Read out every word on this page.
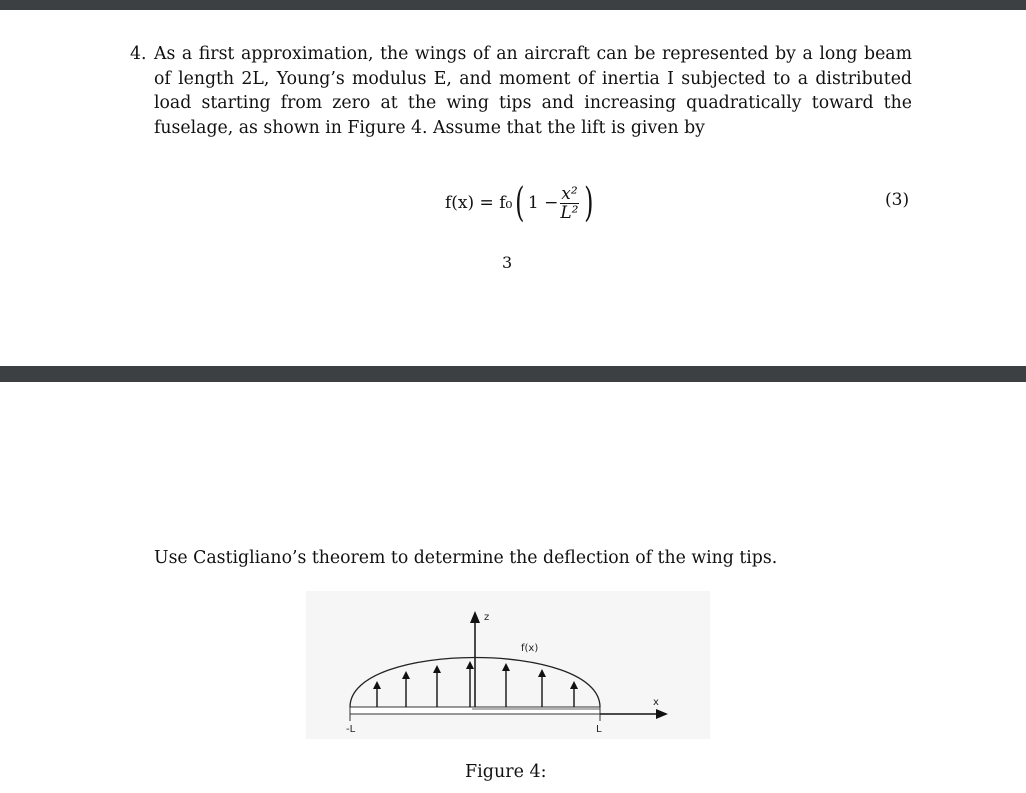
4. As a first approximation, the wings of an aircraft can be represented by a long beam of length 2L, Young’s modulus E, and moment of inertia I subjected to a distributed load starting from zero at the wing tips and increasing quadratically toward the fuselage, as shown in Figure 4. Assume that the lift is given by
f(x) = f₀ ( $1 - \frac{\text{x²}}{\text{L²}}$ )	(3)
3
Use Castigliano’s theorem to determine the deflection of the wing tips.
z
f(x)
x
-L	L
Figure 4:
